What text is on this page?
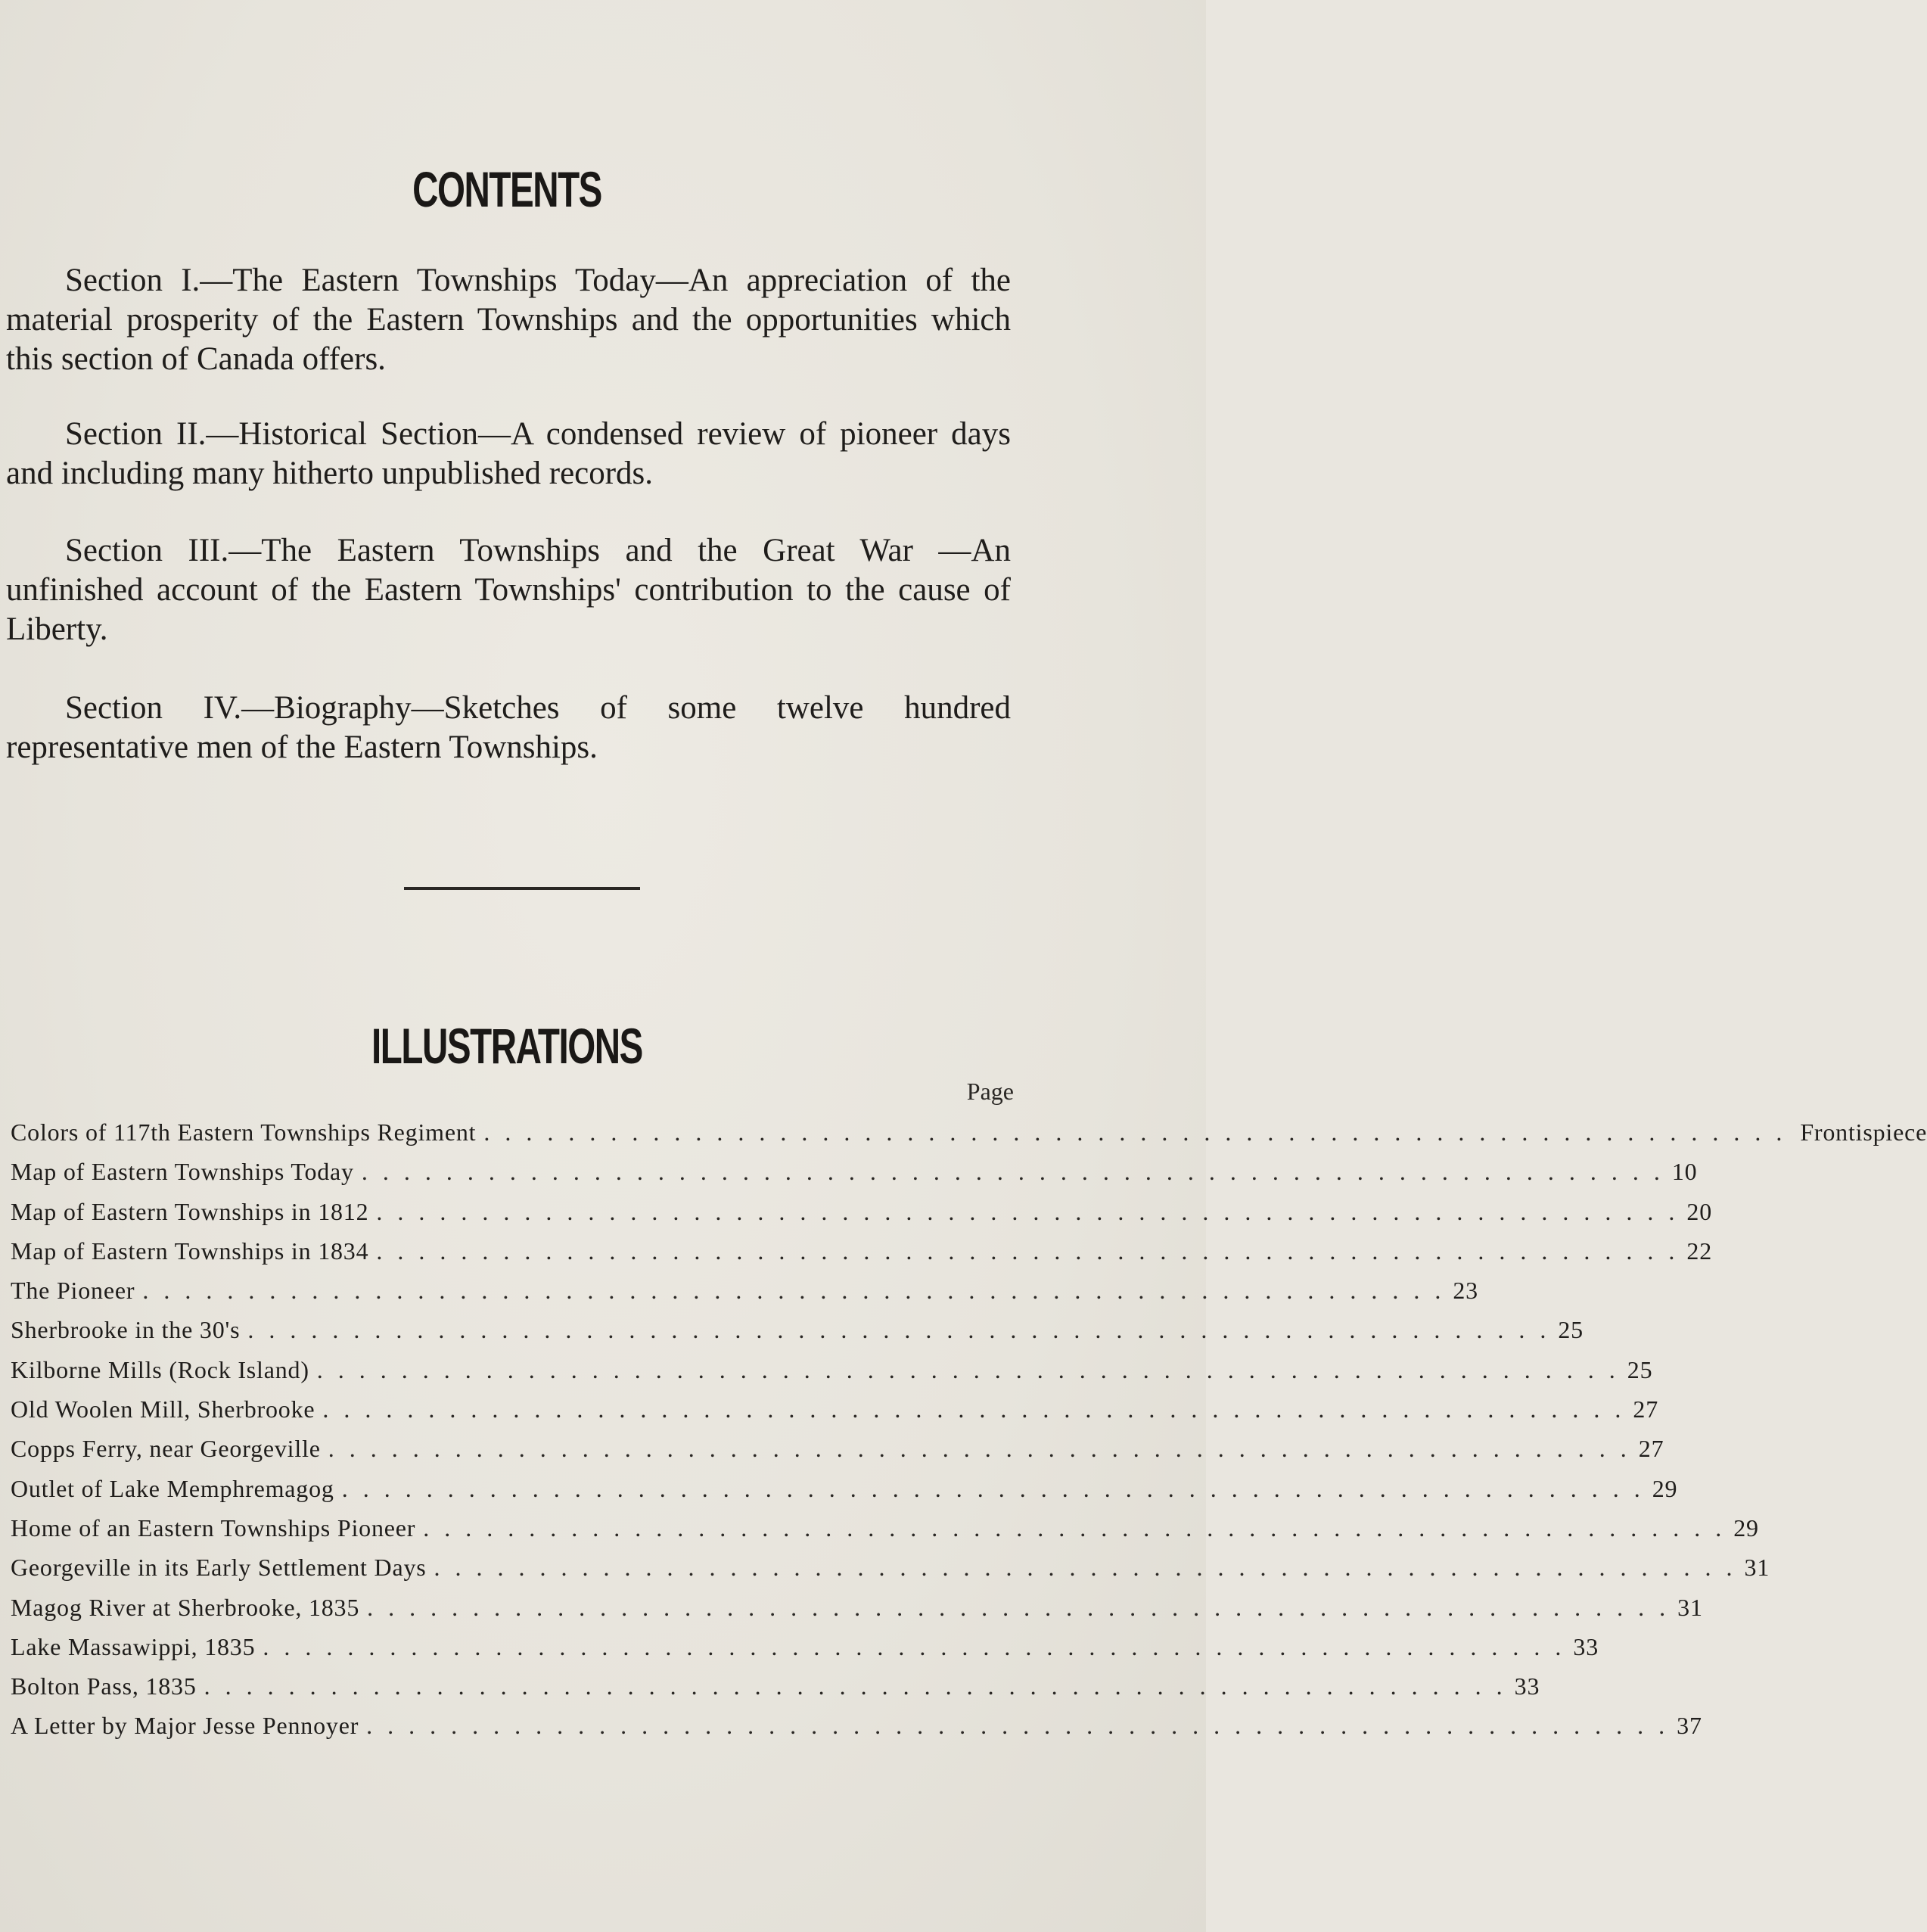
CONTENTS

Section I.—The Eastern Townships Today—An appreciation of the material prosperity of the Eastern Townships and the opportunities which this section of Canada offers.

Section II.—Historical Section—A condensed review of pioneer days and including many hitherto unpublished records.

Section III.—The Eastern Townships and the Great War —An unfinished account of the Eastern Townships' contribution to the cause of Liberty.

Section IV.—Biography—Sketches of some twelve hundred representative men of the Eastern Townships.

ILLUSTRATIONS
Page
Colors of 117th Eastern Townships Regiment . . . . . . . . . . . . . . . . . . . . . . . . . . . . . . . . . . . . . . . . . . . . . . . . . . . . . . . . . . . . . . Frontispiece
Map of Eastern Townships Today . . . . . . . . . . . . . . . . . . . . . . . . . . . . . . . . . . . . . . . . . . . . . . . . . . . . . . . . . . . . . . 10
Map of Eastern Townships in 1812 . . . . . . . . . . . . . . . . . . . . . . . . . . . . . . . . . . . . . . . . . . . . . . . . . . . . . . . . . . . . . . 20
Map of Eastern Townships in 1834 . . . . . . . . . . . . . . . . . . . . . . . . . . . . . . . . . . . . . . . . . . . . . . . . . . . . . . . . . . . . . . 22
The Pioneer . . . . . . . . . . . . . . . . . . . . . . . . . . . . . . . . . . . . . . . . . . . . . . . . . . . . . . . . . . . . . . 23
Sherbrooke in the 30's . . . . . . . . . . . . . . . . . . . . . . . . . . . . . . . . . . . . . . . . . . . . . . . . . . . . . . . . . . . . . . 25
Kilborne Mills (Rock Island) . . . . . . . . . . . . . . . . . . . . . . . . . . . . . . . . . . . . . . . . . . . . . . . . . . . . . . . . . . . . . . 25
Old Woolen Mill, Sherbrooke . . . . . . . . . . . . . . . . . . . . . . . . . . . . . . . . . . . . . . . . . . . . . . . . . . . . . . . . . . . . . . 27
Copps Ferry, near Georgeville . . . . . . . . . . . . . . . . . . . . . . . . . . . . . . . . . . . . . . . . . . . . . . . . . . . . . . . . . . . . . . 27
Outlet of Lake Memphremagog . . . . . . . . . . . . . . . . . . . . . . . . . . . . . . . . . . . . . . . . . . . . . . . . . . . . . . . . . . . . . . 29
Home of an Eastern Townships Pioneer . . . . . . . . . . . . . . . . . . . . . . . . . . . . . . . . . . . . . . . . . . . . . . . . . . . . . . . . . . . . . . 29
Georgeville in its Early Settlement Days . . . . . . . . . . . . . . . . . . . . . . . . . . . . . . . . . . . . . . . . . . . . . . . . . . . . . . . . . . . . . . 31
Magog River at Sherbrooke, 1835 . . . . . . . . . . . . . . . . . . . . . . . . . . . . . . . . . . . . . . . . . . . . . . . . . . . . . . . . . . . . . . 31
Lake Massawippi, 1835 . . . . . . . . . . . . . . . . . . . . . . . . . . . . . . . . . . . . . . . . . . . . . . . . . . . . . . . . . . . . . . 33
Bolton Pass, 1835 . . . . . . . . . . . . . . . . . . . . . . . . . . . . . . . . . . . . . . . . . . . . . . . . . . . . . . . . . . . . . . 33
A Letter by Major Jesse Pennoyer . . . . . . . . . . . . . . . . . . . . . . . . . . . . . . . . . . . . . . . . . . . . . . . . . . . . . . . . . . . . . . 37
